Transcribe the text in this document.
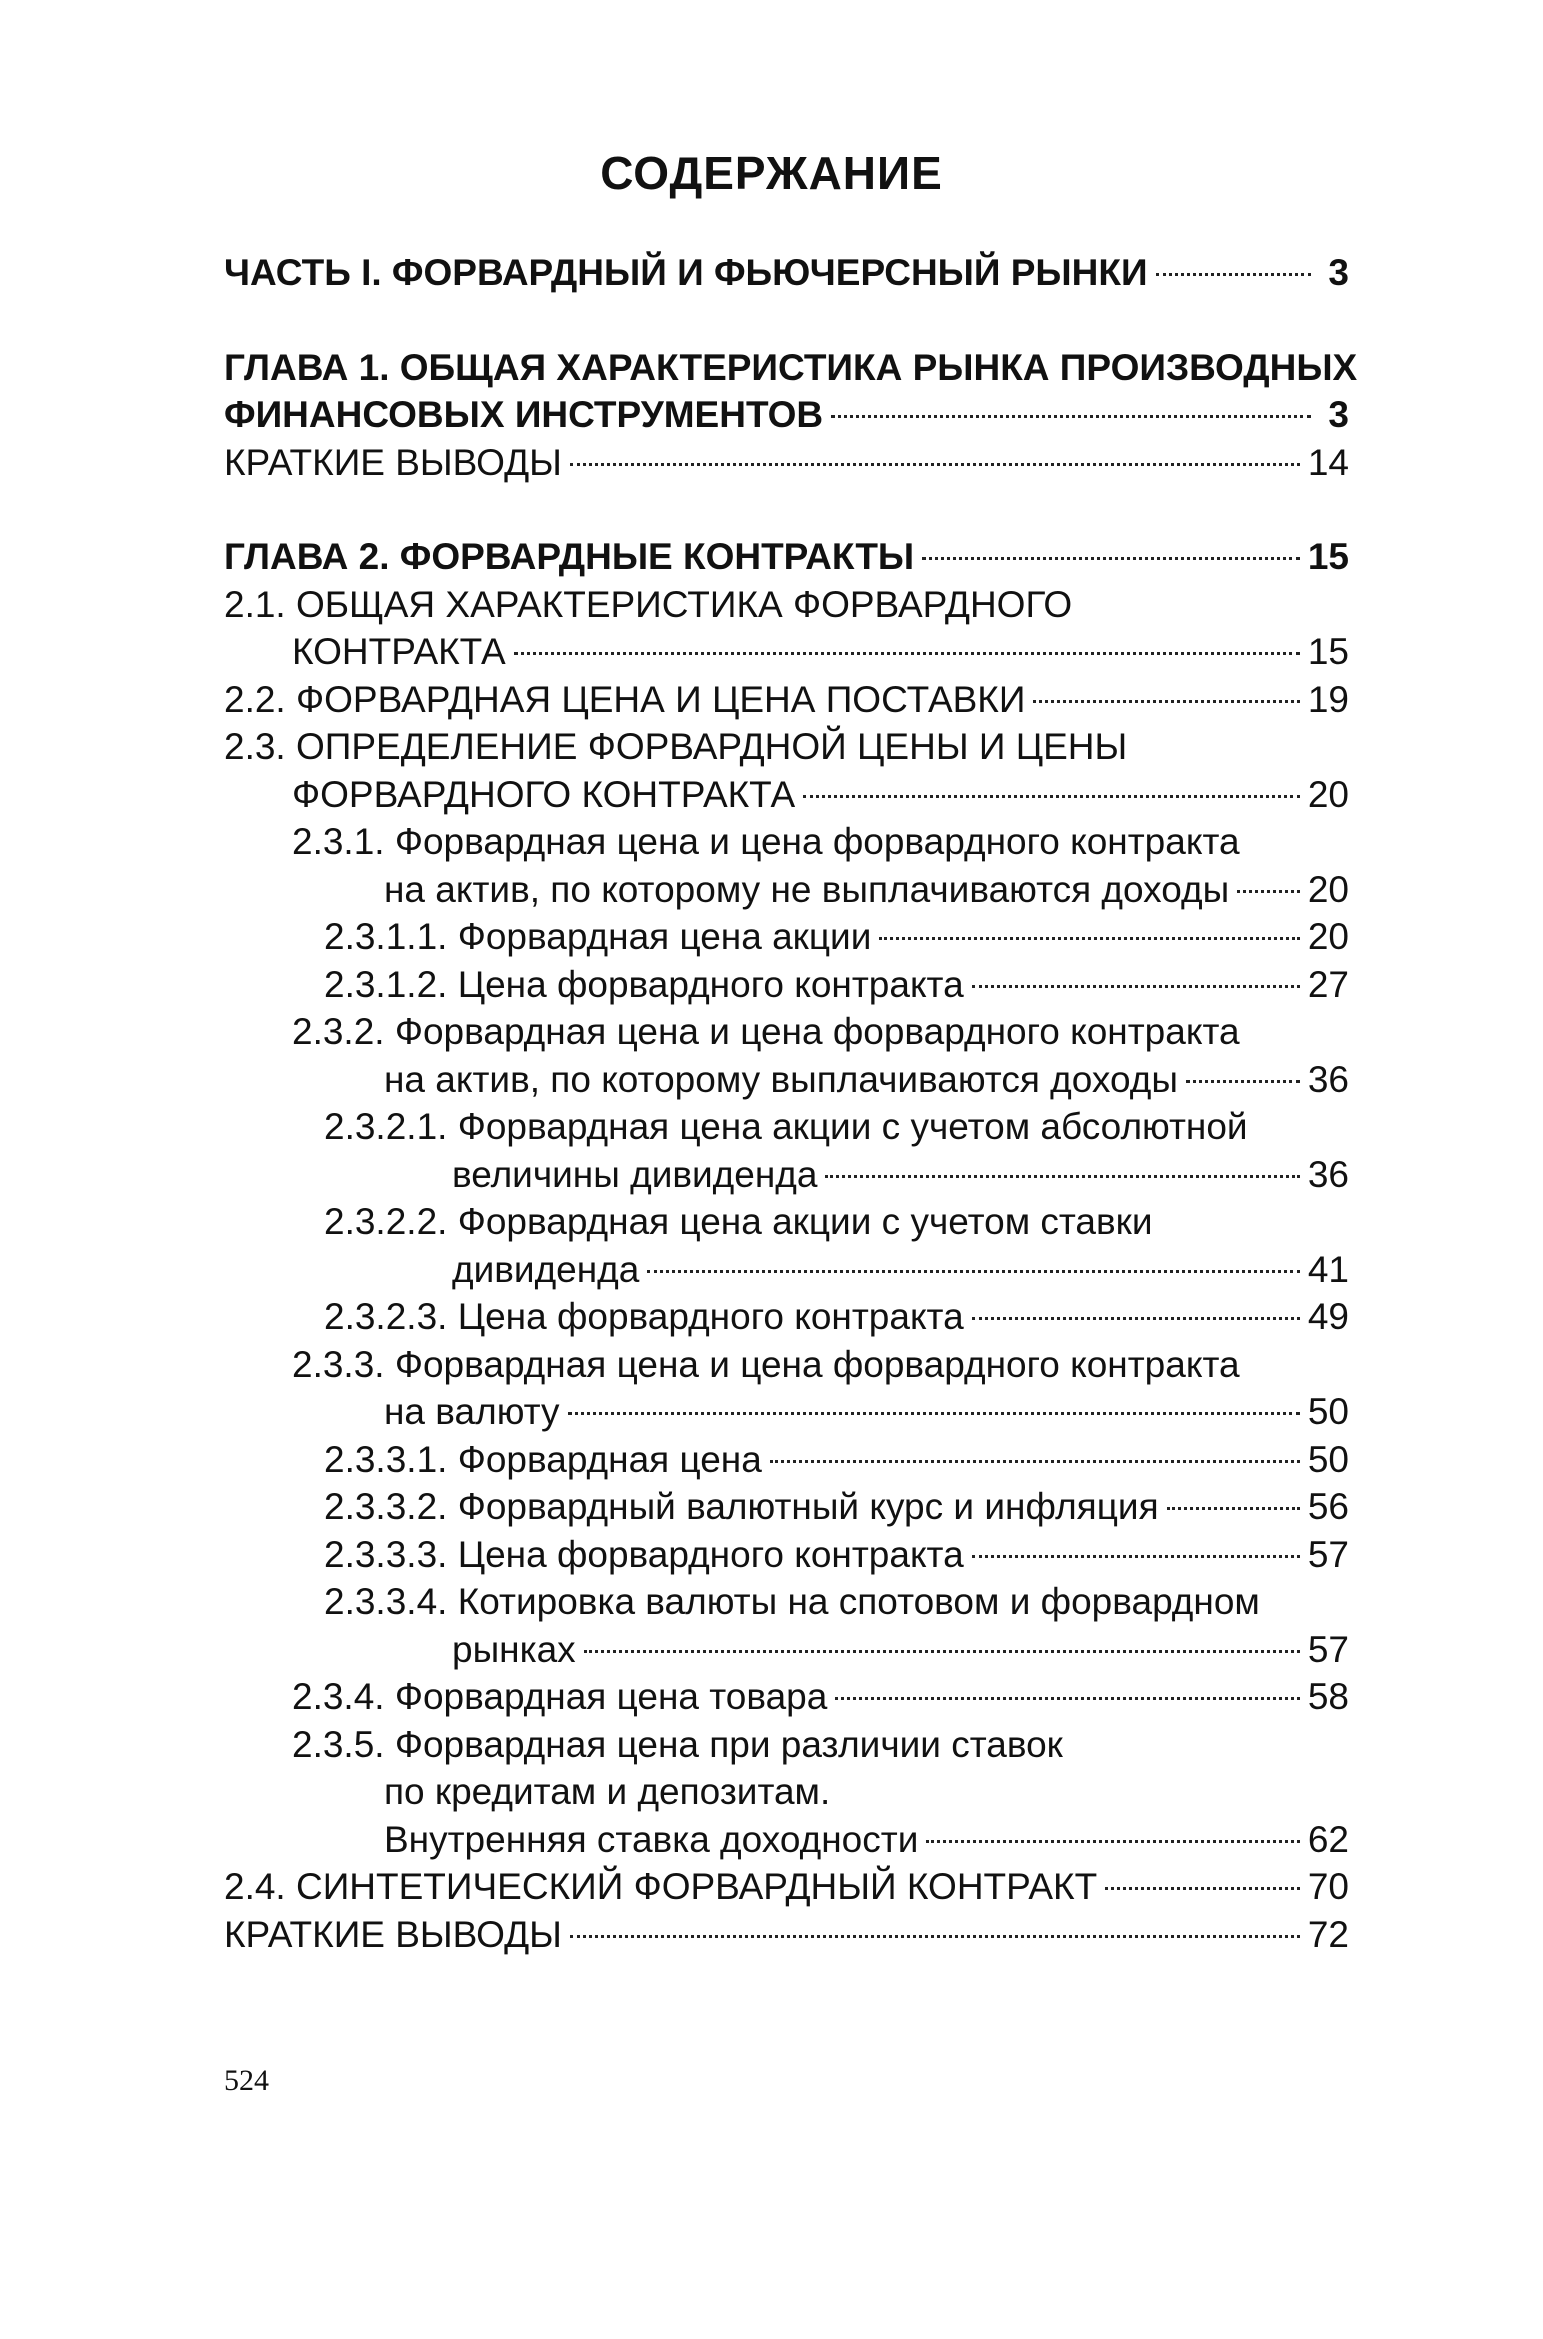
СОДЕРЖАНИЕ
ЧАСТЬ I. ФОРВАРДНЫЙ И ФЬЮЧЕРСНЫЙ РЫНКИ	3
ГЛАВА 1. ОБЩАЯ ХАРАКТЕРИСТИКА РЫНКА ПРОИЗВОДНЫХ
ФИНАНСОВЫХ ИНСТРУМЕНТОВ	3
КРАТКИЕ ВЫВОДЫ	14
ГЛАВА 2. ФОРВАРДНЫЕ КОНТРАКТЫ	15
2.1. ОБЩАЯ ХАРАКТЕРИСТИКА ФОРВАРДНОГО
КОНТРАКТА	15
2.2. ФОРВАРДНАЯ ЦЕНА И ЦЕНА ПОСТАВКИ	19
2.3. ОПРЕДЕЛЕНИЕ ФОРВАРДНОЙ ЦЕНЫ И ЦЕНЫ
ФОРВАРДНОГО КОНТРАКТА	20
2.3.1. Форвардная цена и цена форвардного контракта
на актив, по которому не выплачиваются доходы 20
2.3.1.1. Форвардная цена акции	20
2.3.1.2. Цена форвардного контракта	27
2.3.2. Форвардная цена и цена форвардного контракта
на актив, по которому выплачиваются доходы	36
2.3.2.1. Форвардная цена акции с учетом абсолютной
величины дивиденда	36
2.3.2.2. Форвардная цена акции с учетом ставки
дивиденда	41
2.3.2.3. Цена форвардного контракта	49
2.3.3. Форвардная цена и цена форвардного контракта
на валюту	50
2.3.3.1. Форвардная цена	50
2.3.3.2. Форвардный валютный курс и инфляция	56
2.3.3.3. Цена форвардного контракта	57
2.3.3.4. Котировка валюты на спотовом и форвардном
рынках	57
2.3.4. Форвардная цена товара	58
2.3.5. Форвардная цена при различии ставок
по кредитам и депозитам.
Внутренняя ставка доходности	62
2.4. СИНТЕТИЧЕСКИЙ ФОРВАРДНЫЙ КОНТРАКТ	70
КРАТКИЕ ВЫВОДЫ	72
524
